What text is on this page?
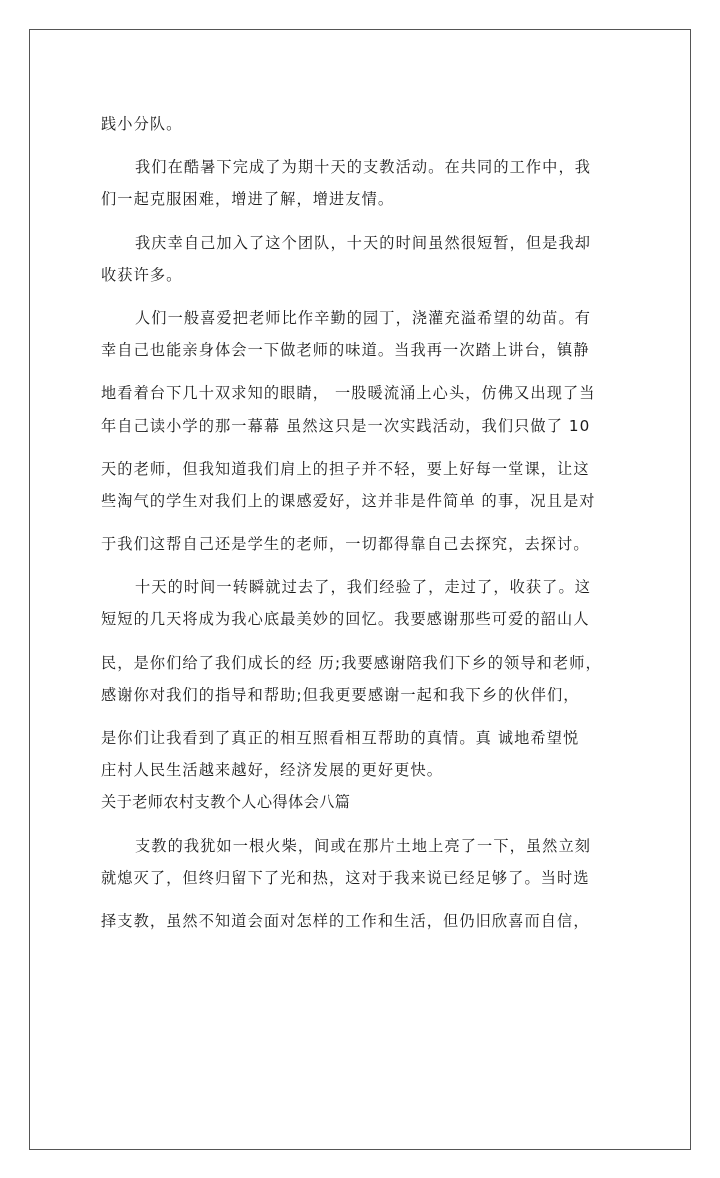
践小分队。
我们在酷暑下完成了为期十天的支教活动。在共同的工作中，我
们一起克服困难，增进了解，增进友情。
我庆幸自己加入了这个团队，十天的时间虽然很短暂，但是我却
收获许多。
人们一般喜爱把老师比作辛勤的园丁，浇灌充溢希望的幼苗。有
幸自己也能亲身体会一下做老师的味道。当我再一次踏上讲台，镇静
地看着台下几十双求知的眼睛， 一股暖流涌上心头，仿佛又出现了当
年自己读小学的那一幕幕 虽然这只是一次实践活动，我们只做了 10
天的老师，但我知道我们肩上的担子并不轻，要上好每一堂课，让这
些淘气的学生对我们上的课感爱好，这并非是件简单 的事，况且是对
于我们这帮自己还是学生的老师，一切都得靠自己去探究，去探讨。
十天的时间一转瞬就过去了，我们经验了，走过了，收获了。这
短短的几天将成为我心底最美妙的回忆。我要感谢那些可爱的韶山人
民，是你们给了我们成长的经 历;我要感谢陪我们下乡的领导和老师，
感谢你对我们的指导和帮助;但我更要感谢一起和我下乡的伙伴们，
是你们让我看到了真正的相互照看相互帮助的真情。真 诚地希望悦
庄村人民生活越来越好，经济发展的更好更快。
关于老师农村支教个人心得体会八篇
支教的我犹如一根火柴，间或在那片土地上亮了一下，虽然立刻
就熄灭了，但终归留下了光和热，这对于我来说已经足够了。当时选
择支教，虽然不知道会面对怎样的工作和生活，但仍旧欣喜而自信，
